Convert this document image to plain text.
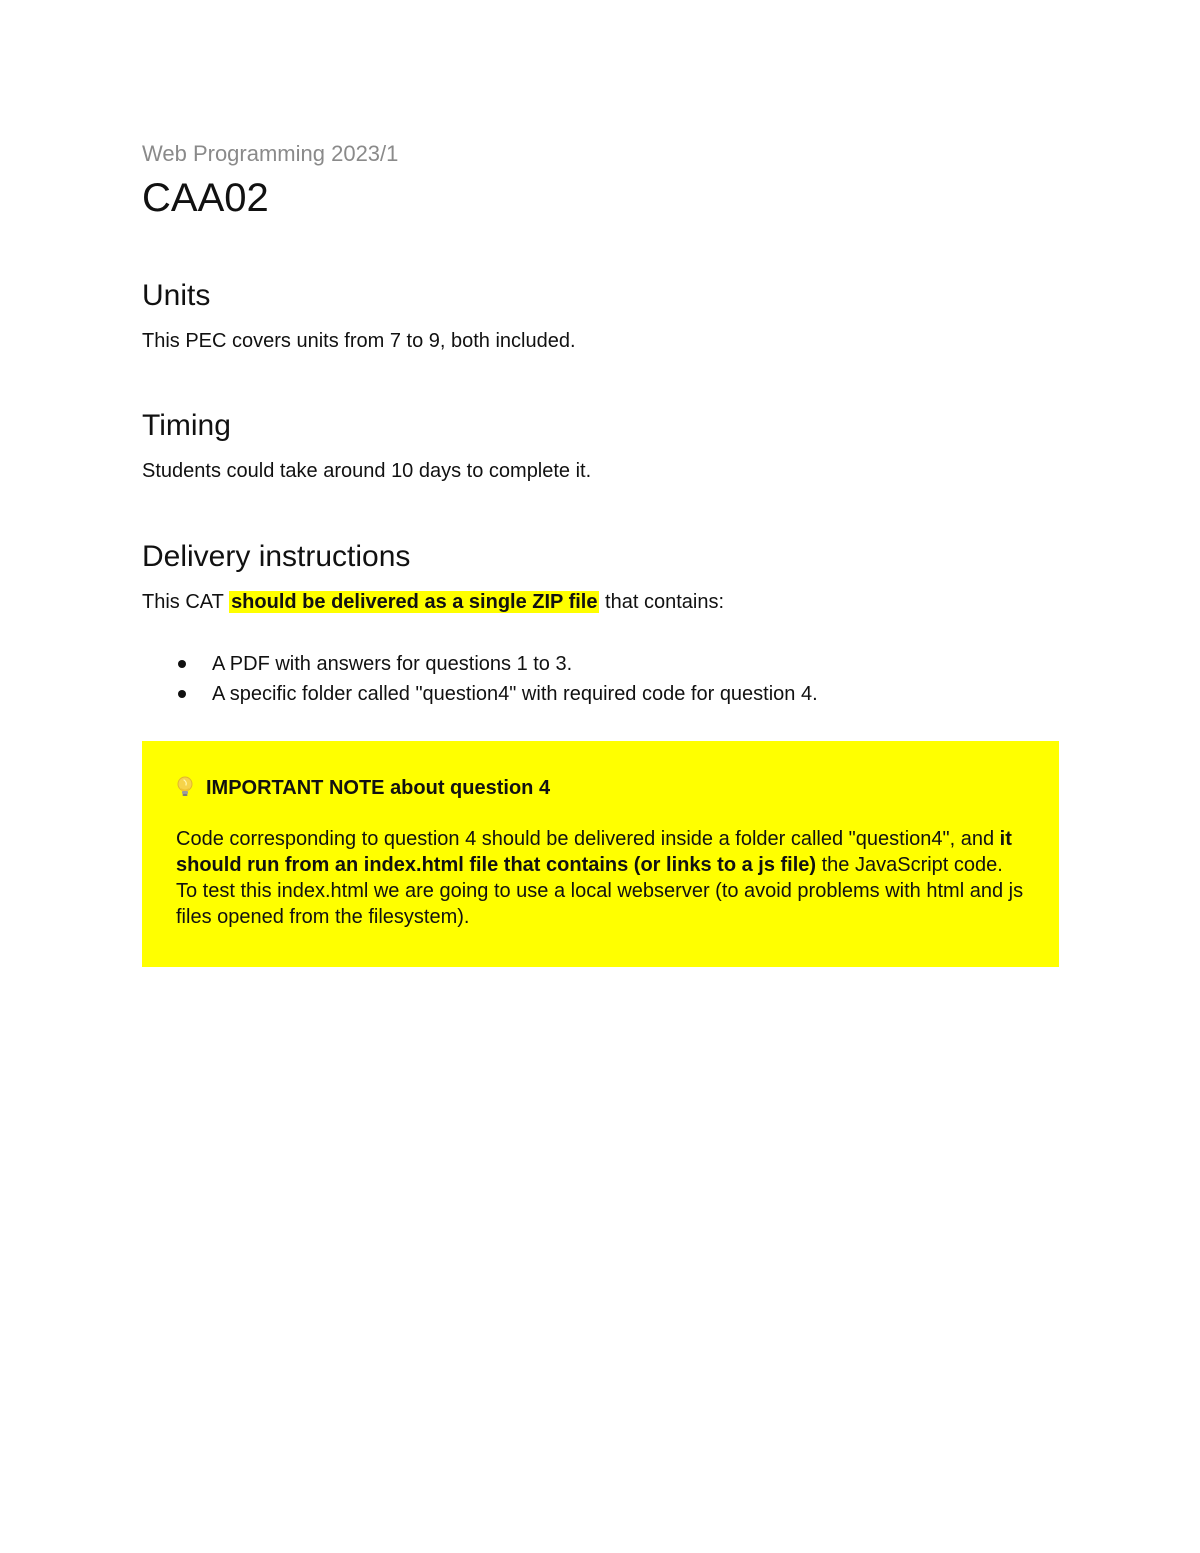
Web Programming 2023/1

CAA02
Units

This PEC covers units from 7 to 9, both included.

Timing

Students could take around 10 days to complete it.

Delivery instructions

This CAT should be delivered as a single ZIP file that contains:

A PDF with answers for questions 1 to 3.
A specific folder called "question4" with required code for question 4.

IMPORTANT NOTE about question 4

Code corresponding to question 4 should be delivered inside a folder called "question4", and it should run from an index.html file that contains (or links to a js file) the JavaScript code. To test this index.html we are going to use a local webserver (to avoid problems with html and js files opened from the filesystem).
